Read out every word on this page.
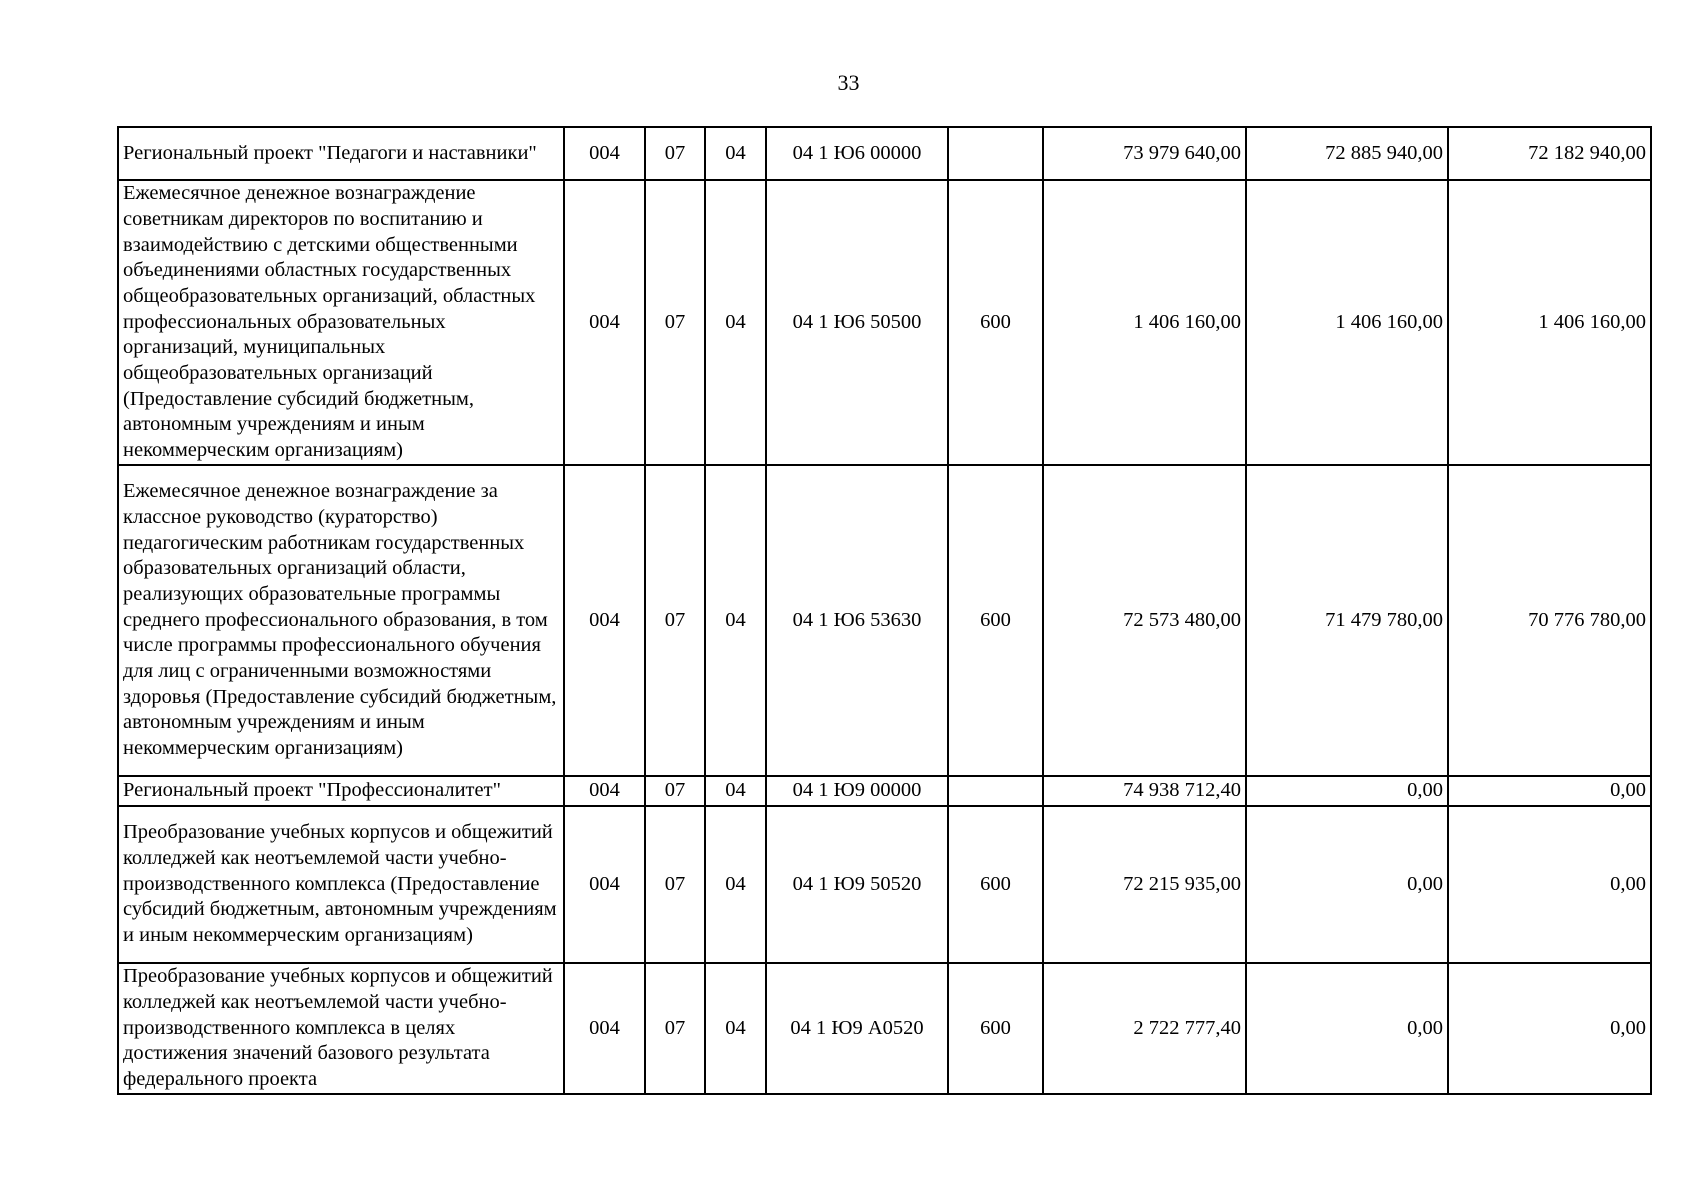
33
Региональный проект "Педагоги и наставники"	004	07	04	04 1 Ю6 00000		73 979 640,00	72 885 940,00	72 182 940,00
Ежемесячное денежное вознаграждение советникам директоров по воспитанию и взаимодействию с детскими общественными объединениями областных государственных общеобразовательных организаций, областных профессиональных образовательных организаций, муниципальных общеобразовательных организаций (Предоставление субсидий бюджетным, автономным учреждениям и иным некоммерческим организациям)	004	07	04	04 1 Ю6 50500	600	1 406 160,00	1 406 160,00	1 406 160,00
Ежемесячное денежное вознаграждение за классное руководство (кураторство) педагогическим работникам государственных образовательных организаций области, реализующих образовательные программы среднего профессионального образования, в том числе программы профессионального обучения для лиц с ограниченными возможностями здоровья (Предоставление субсидий бюджетным, автономным учреждениям и иным некоммерческим организациям)	004	07	04	04 1 Ю6 53630	600	72 573 480,00	71 479 780,00	70 776 780,00
Региональный проект "Профессионалитет"	004	07	04	04 1 Ю9 00000		74 938 712,40	0,00	0,00
Преобразование учебных корпусов и общежитий колледжей как неотъемлемой части учебно-производственного комплекса (Предоставление субсидий бюджетным, автономным учреждениям и иным некоммерческим организациям)	004	07	04	04 1 Ю9 50520	600	72 215 935,00	0,00	0,00
Преобразование учебных корпусов и общежитий колледжей как неотъемлемой части учебно-производственного комплекса в целях достижения значений базового результата федерального проекта	004	07	04	04 1 Ю9 А0520	600	2 722 777,40	0,00	0,00
